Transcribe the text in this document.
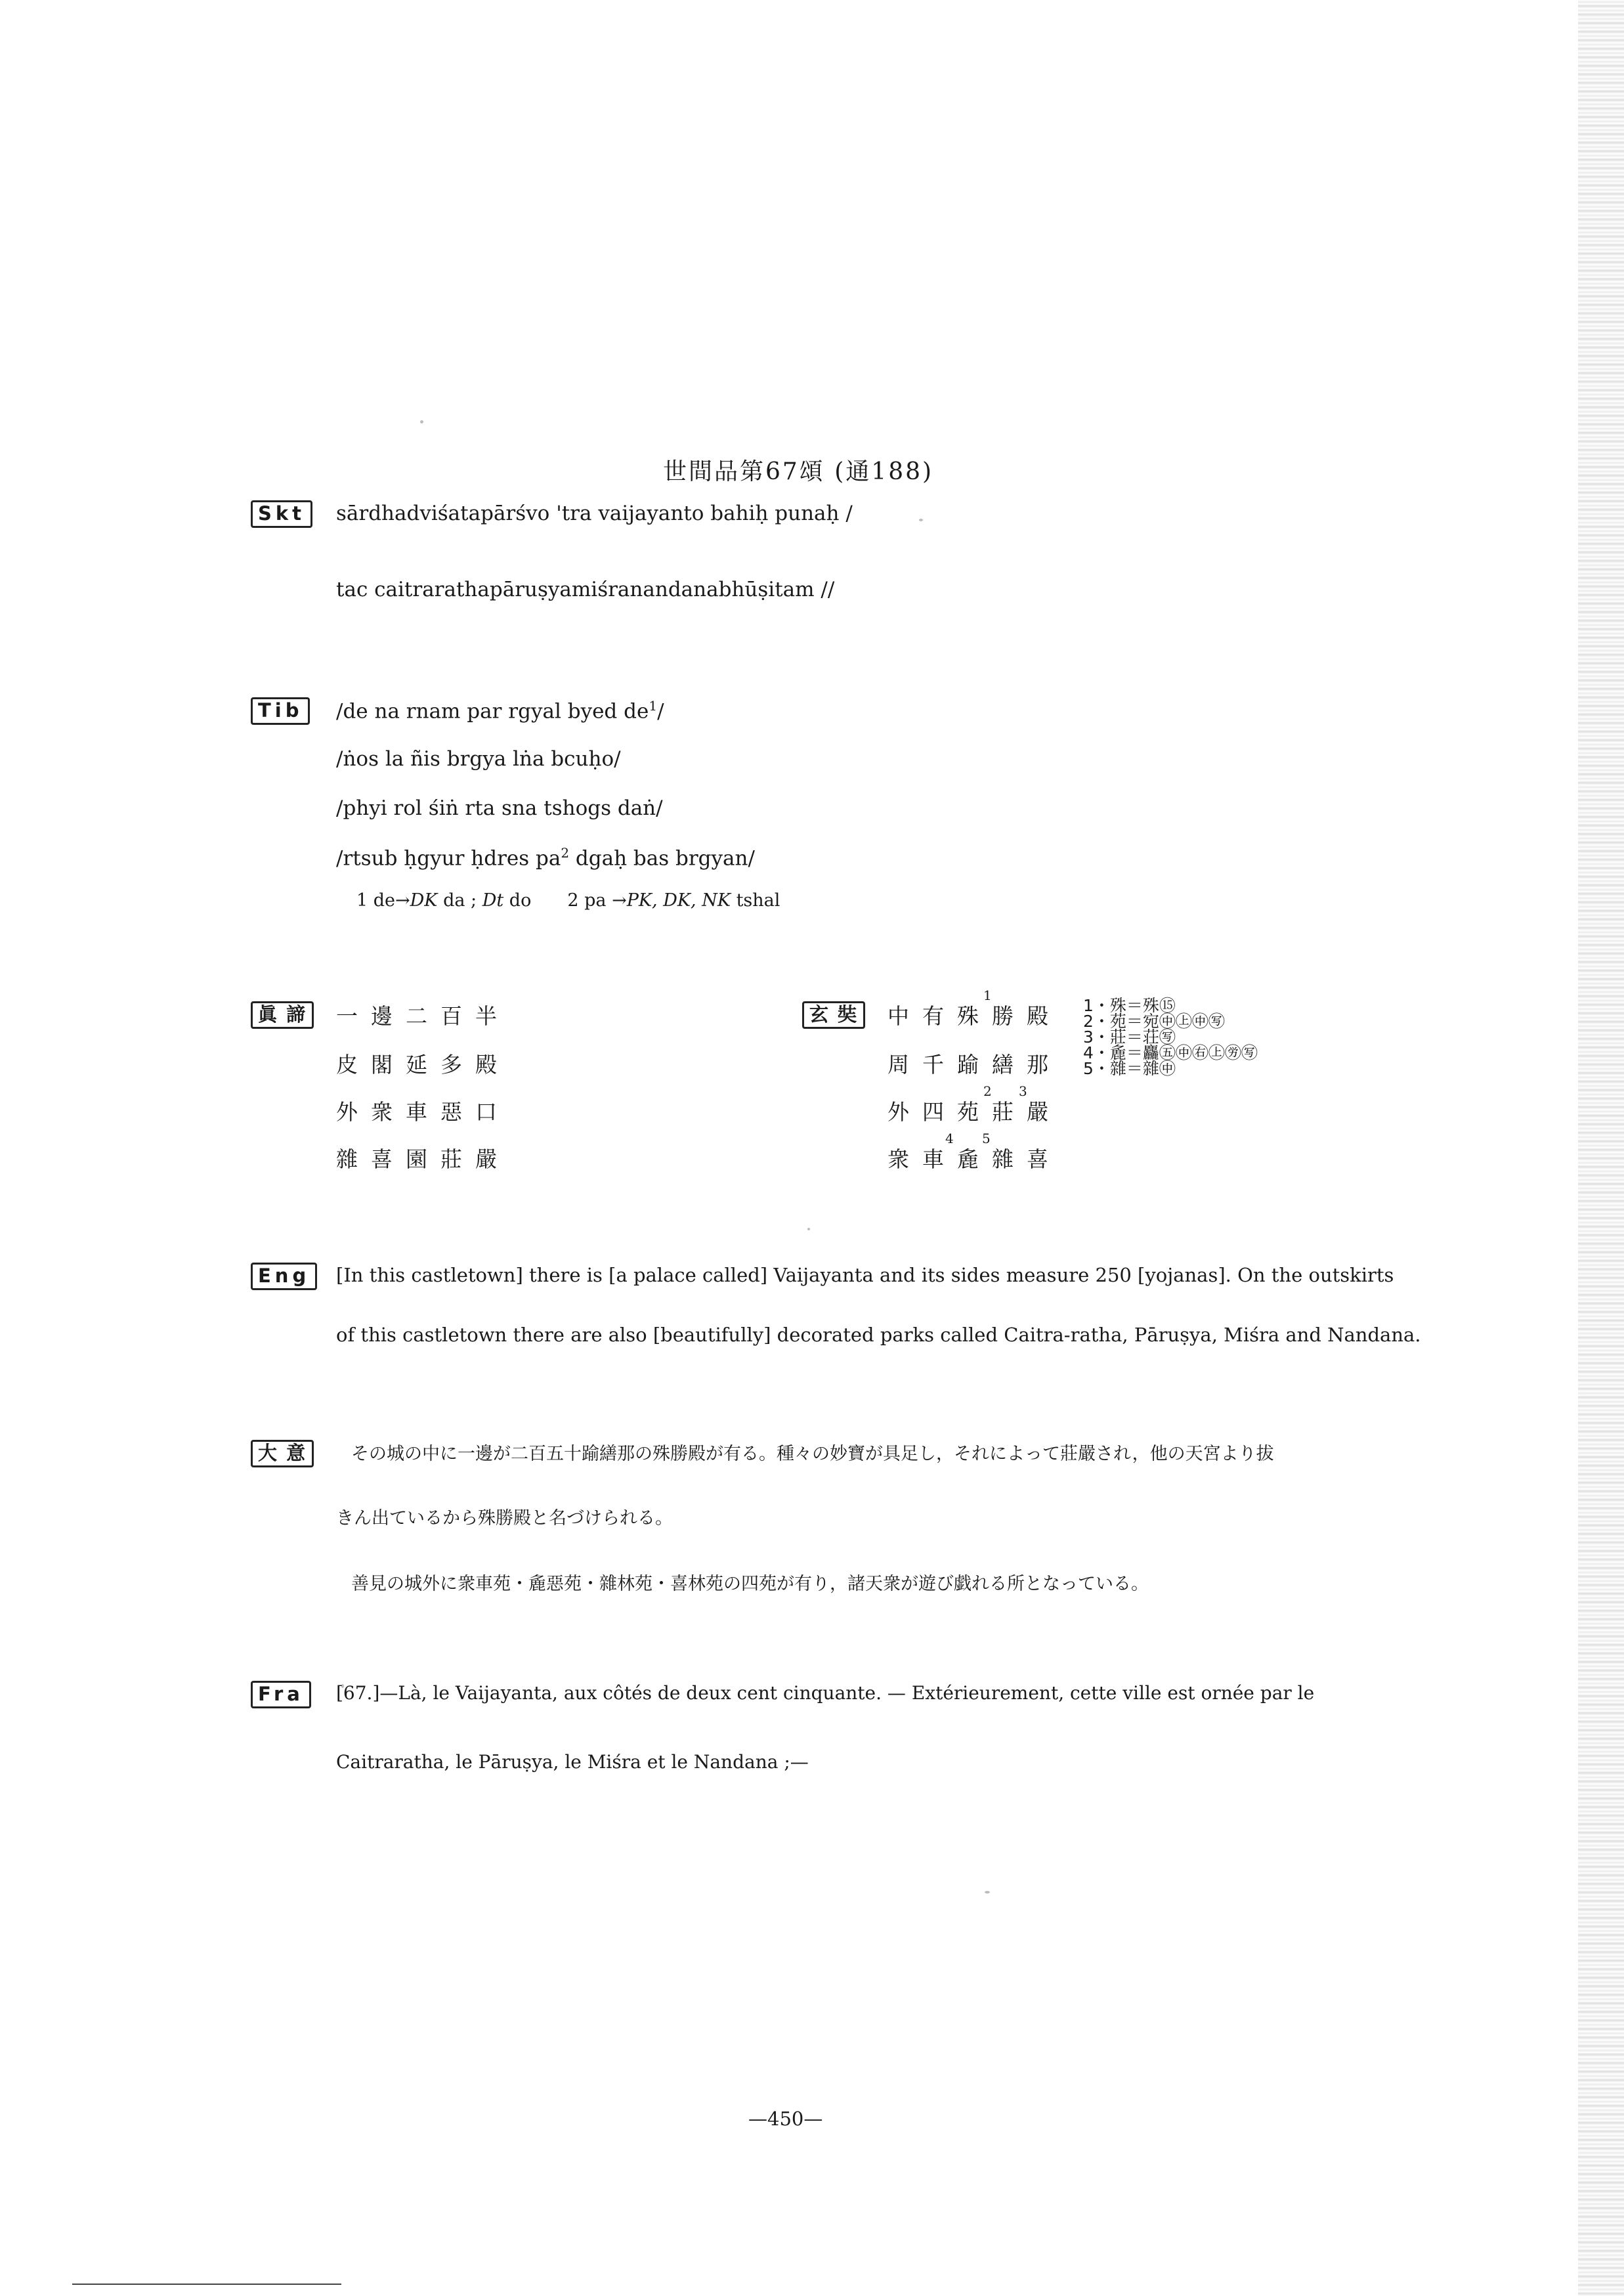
世間品第67頌 (通188)
Skt	sārdhadviśatapārśvo 'tra vaijayanto bahiḥ punaḥ /
tac caitrarathapāruṣyamiśranandanabhūṣitam //
Tib	/de na rnam par rgyal byed $de^1/$
/ṅos la ñis brgya lṅa bcuḥo/
/phyi rol śiṅ rta sna tshogs daṅ/
/rtsub ḥgyur ḥdres $pa^2$ dgaḥ bas brgyan/
1 de→DK da ; Dt do 2 pa →PK, DK, NK tshal
眞 諦	一邊二百半
皮閣延多殿
外衆車惡口
雜喜園莊嚴
玄 奘	中有殊勝殿
周千踰繕那
外四苑莊嚴
衆車麁雜喜
1
2 3
4 5
1・殊＝殊⑮
2・苑＝宛㊥㊤㊥㊢
3・莊＝荘㊢
4・麁＝麤㊄㊥㊨㊤㊘㊢
5・雜＝雜㊥
Eng	[In this castletown] there is [a palace called] Vaijayanta and its sides measure 250 [yojanas]. On the outskirts
of this castletown there are also [beautifully] decorated parks called Caitra-ratha, Pāruṣya, Miśra and Nandana.
大 意	その城の中に一邊が二百五十踰繕那の殊勝殿が有る。種々の妙寶が具足し，それによって莊嚴され，他の天宮より拔
きん出ているから殊勝殿と名づけられる。
善見の城外に衆車苑・麁惡苑・雜林苑・喜林苑の四苑が有り，諸天衆が遊び戯れる所となっている。
Fra	[67.]—Là, le Vaijayanta, aux côtés de deux cent cinquante. — Extérieurement, cette ville est ornée par le
Caitraratha, le Pāruṣya, le Miśra et le Nandana ;—
—450—
